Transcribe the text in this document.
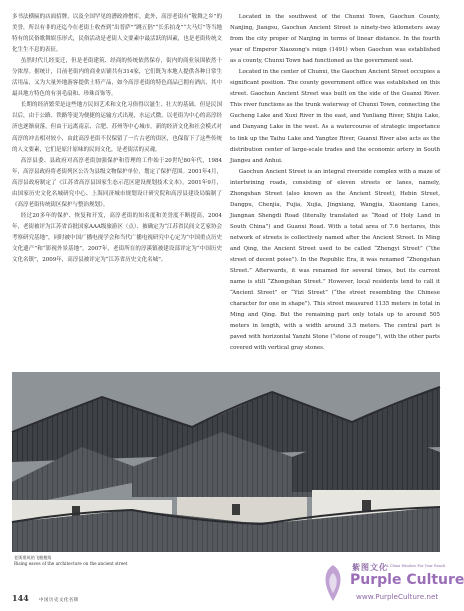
多书法横匾的店面招牌，以及全国罕见的漕政禅僧库。此外，高淳老街有“敬舞之乡”的美誉，所以有非的还迄今在老街上收查到“出普萨”“跳五猖”“长乐拍龙”“大马灯”等当地特有的民俗歌舞娱乐形式，民俗活动是老街人文要素中最活跃的因素，也是老街传统文化生生不息的表征。

虽然时代几经变迁，但是老街建筑、经商的传统依然保存，街内的商业氛围依然十分浓厚。据统计，目前老街内的商业店铺共有314家，它们既为本地人提供各种日常生活用品，又为大量外地游客提供土特产品，如今高淳老街的特色商品已拥有酒店、其中最具地方特色的有羽毛扇和、珍珠首饰等。

长期的经济繁荣是这些地方民间艺术和文化习俗得以滋生、壮大的基础。但是民国以后，由于公路、铁路等更为便捷的运输方式出现，水运式微，以老街为中心的高淳经济也逐渐衰落，但由于远离南京、合肥、苏州等中心城市，新的经济文化和社会模式对高淳的冲击相对较小，由此高淳老街不仅保留了一片古老的街区，也保留下了这些传统的人文要素，它们是原汁原味的民间文化，是老街活的灵魂。

高淳县委、县政府对高淳老街加强保护和管理的工作始于20世纪80年代，1984年，高淳县政府将老街列区公告为县级文物保护单位，划定了保护范围。2001年4月，高淳县政府制定了《江苏省高淳县国家生态示范区建设规划技术文本》，2001年9月，由国家历史文化名城研究中心、上海同济城市规划设计研究院和高淳县建设局编制了《高淳老街传统街区保护与整治规划》。

经过20多年的保护、恢复和开发，高淳老街的知名度和美誉度不断提高，2004年，老街被评为江苏省首批国家AAA级旅游区（点）、被确定为“江苏省民间文艺家协会考察研究基地”，同时被中国广播电视学会和当代广播电视研究中心定为“中国重点历史文化遗产”和“影视外景基地”。2007年，老街所在的淳溪镇被建设部评定为“中国历史文化名镇”，2009年，高淳县被评定为“江苏省历史文化名城”。

Located in the southwest of the Chunxi Town, Gaochun County, Nanjing, Jiangsu, Gaochun Ancient Street is ninety-two kilometers away from the city proper of Nanjing in terms of linear distance. In the fourth year of Emperor Xiaozong's reign (1491) when Gaochun was established as a county, Chunxi Town had functioned as the government seat.

Located in the center of Chunxi, the Gaochun Ancient Street occupies a significant position. The county government office was established on this street. Gaochun Ancient Street was built on the side of the Guanxi River. This river functions as the trunk waterway of Chunxi Town, connecting the Gucheng Lake and Xuxi River in the east, and Yunliang River, Shijiu Lake, and Danyang Lake in the west. As a watercourse of strategic importance to link up the Taihu Lake and Yangtze River, Guanxi River also acts as the distribution center of large-scale trades and the economic artery in South Jiangsu and Anhui.

Gaochun Ancient Street is an integral riverside complex with a maze of intertwining roads, consisting of eleven streets or lanes, namely, Zhongshan Street (also known as the Ancient Street), Hebin Street, Dangpu, Chenjia, Fujia, Xujia, Jingxiang, Wangjia, Xiaoniang Lanes, Jiangnan Shengdi Road (literally translated as “Road of Holy Land in South China”) and Guanxi Road. With a total area of 7.6 hectares, this network of streets is collectively named after the Ancient Street. In Ming and Qing, the Ancient Street used to be called “Zhengyi Street” (“the street of decent poise”). In the Republic Era, it was renamed “Zhongshan Street.” Afterwards, it was renamed for several times, but its current name is still “Zhongshan Street.” However, local residents tend to call it “Ancient Street” or “Yizi Street” (“the street resembling the Chinese character for one in shape”). This street measured 1135 meters in total in Ming and Qing. But the remaining part only totals up to around 505 meters in length, with a width around 3.5 meters. The central part is paved with horizontal Yanzhi Stone (“stone of rouge”), with the other parts covered with vertical gray stones.

老街建筑的飞檐翘角
Rising eaves of the architecture on the ancient street
144 中国历史文化名街
紫图文化
A China Window For Your Reach
Purple Culture
www.PurpleCulture.net
